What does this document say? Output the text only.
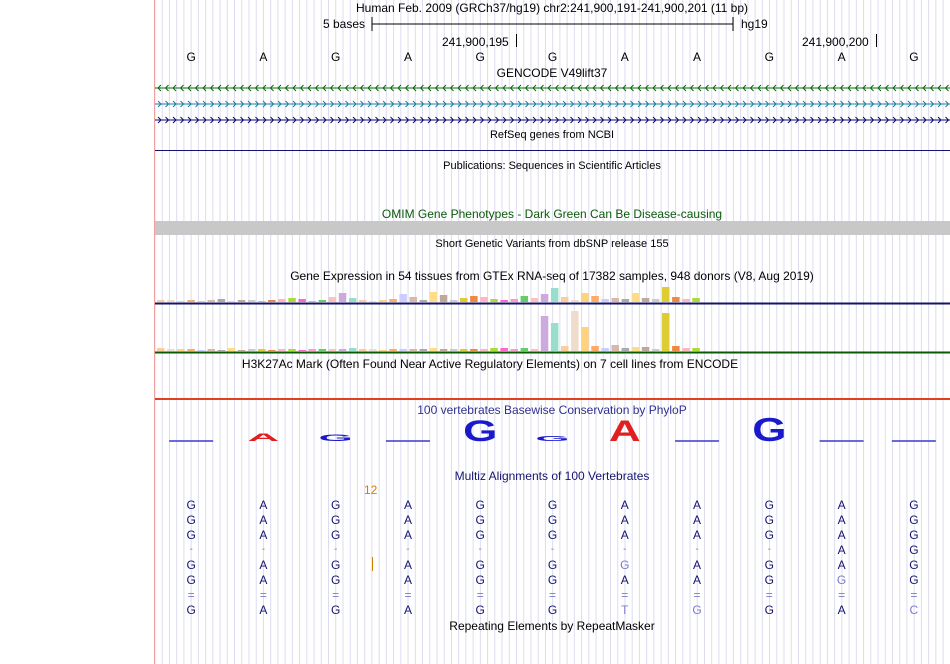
Human Feb. 2009 (GRCh37/hg19) chr2:241,900,191-241,900,201 (11 bp)
5 bases	hg19
241,900,195	241,900,200
G	A	G	A	G	G	A	A	G	A	G
GENCODE V49lift37
RefSeq genes from NCBI
Publications: Sequences in Scientific Articles
OMIM Gene Phenotypes - Dark Green Can Be Disease-causing
Short Genetic Variants from dbSNP release 155
Gene Expression in 54 tissues from GTEx RNA-seq of 17382 samples, 948 donors (V8, Aug 2019)
H3K27Ac Mark (Often Found Near Active Regulatory Elements) on 7 cell lines from ENCODE
100 vertebrates Basewise Conservation by PhyloP
A G	G G A	G
Multiz Alignments of 100 Vertebrates
12
G	A	G	A	G	G	A	A	G	A	G
G	A	G	A	G	G	A	A	G	A	G
G	A	G	A	G	G	A	A	G	A	G
-	-	-	-	-	-	-	-	-	A	G
G	A	G	A	G	G	G	A	G	A	G
G	A	G	A	G	G	A	A	G	G	G
=	=	=	=	=	=	=	=	=	=	=
G	A	G	A	G	G	T	G	G	A	C
Repeating Elements by RepeatMasker
